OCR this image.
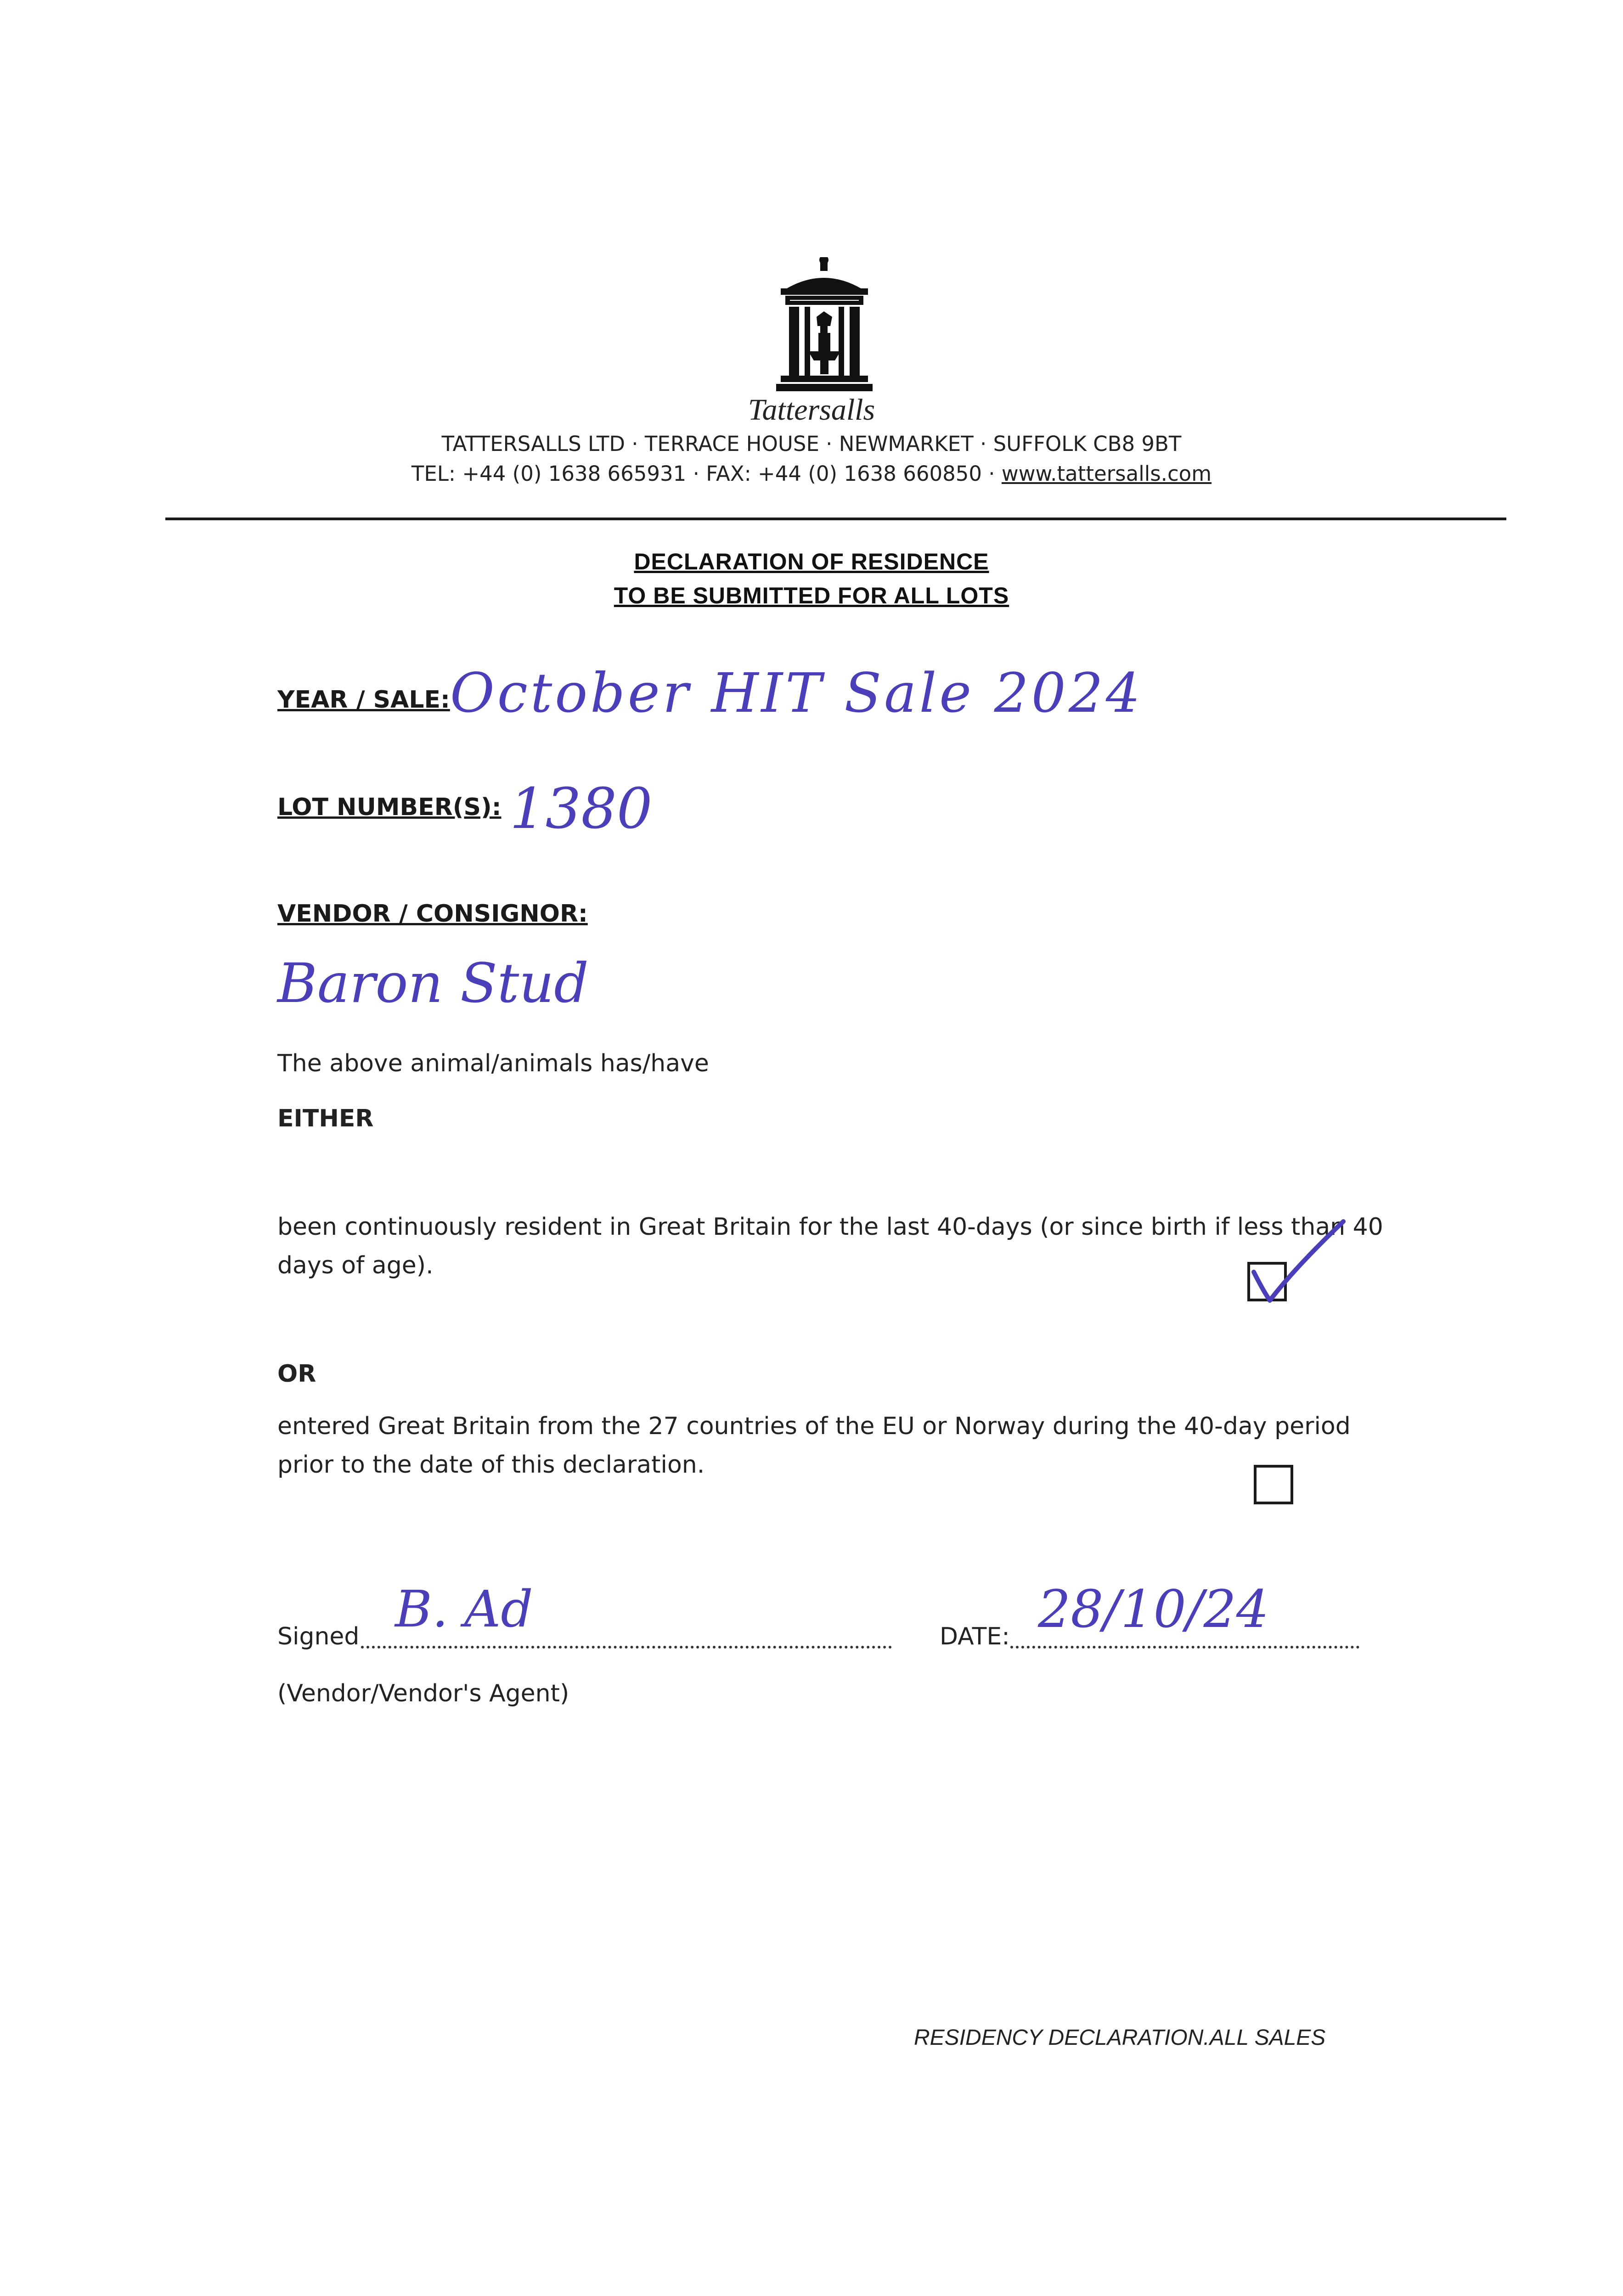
Tattersalls
TATTERSALLS LTD · TERRACE HOUSE · NEWMARKET · SUFFOLK CB8 9BT
TEL: +44 (0) 1638 665931 · FAX: +44 (0) 1638 660850 · www.tattersalls.com
DECLARATION OF RESIDENCE
TO BE SUBMITTED FOR ALL LOTS
YEAR / SALE: October HIT Sale 2024
LOT NUMBER(S): 1380
VENDOR / CONSIGNOR:
Baron Stud
The above animal/animals has/have
EITHER
been continuously resident in Great Britain for the last 40-days (or since birth if less than 40
days of age).
OR
entered Great Britain from the 27 countries of the EU or Norway during the 40-day period
prior to the date of this declaration.
Signed B. Ad	DATE: 28/10/24
(Vendor/Vendor's Agent)
RESIDENCY DECLARATION.ALL SALES
